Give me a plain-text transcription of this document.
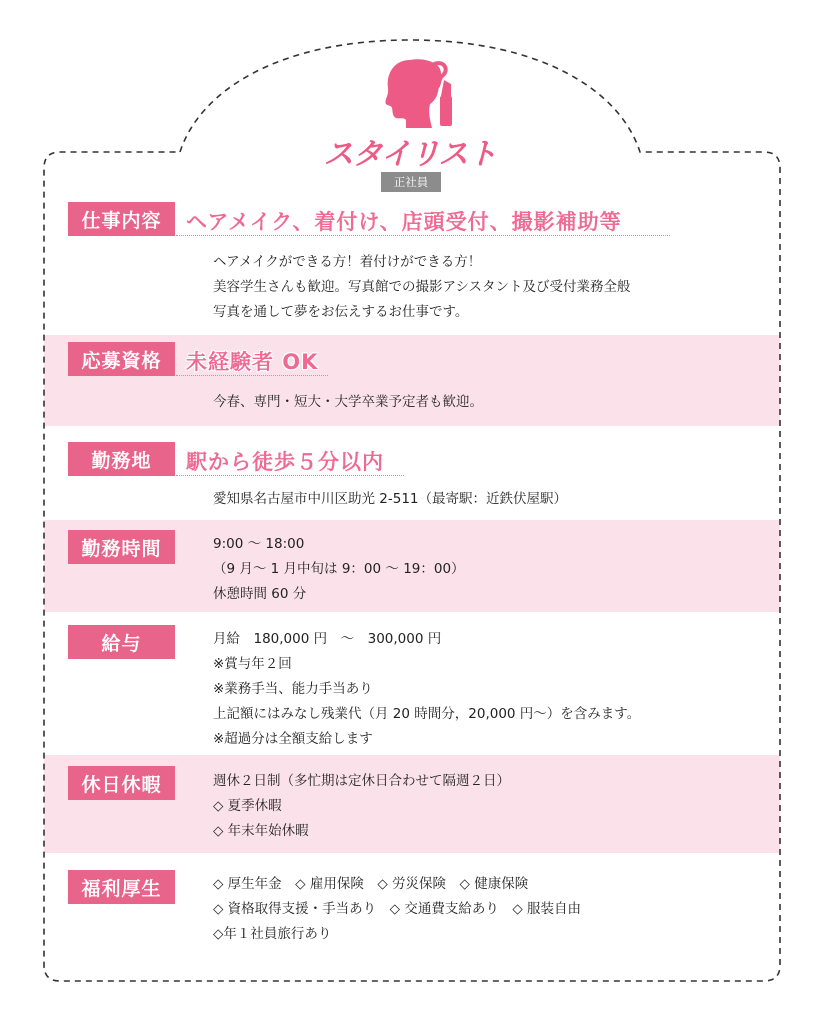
スタイリスト
正社員
仕事内容	ヘアメイク、着付け、店頭受付、撮影補助等
ヘアメイクができる方！着付けができる方！
美容学生さんも歓迎。写真館での撮影アシスタント及び受付業務全般
写真を通して夢をお伝えするお仕事です。
応募資格	未経験者 OK
今春、専門・短大・大学卒業予定者も歓迎。
勤務地	駅から徒歩５分以内
愛知県名古屋市中川区助光 2-511（最寄駅：近鉄伏屋駅）
勤務時間	9:00 ～ 18:00
（9 月～ 1 月中旬は 9：00 ～ 19：00）
休憩時間 60 分
給与	月給　180,000 円　～　300,000 円
※賞与年２回
※業務手当、能力手当あり
上記額にはみなし残業代（月 20 時間分，20,000 円～）を含みます。
※超過分は全額支給します
休日休暇	週休２日制（多忙期は定休日合わせて隔週２日）
◇ 夏季休暇
◇ 年末年始休暇
福利厚生	◇ 厚生年金　◇ 雇用保険　◇ 労災保険　◇ 健康保険
◇ 資格取得支援・手当あり　◇ 交通費支給あり　◇ 服装自由
◇年１社員旅行あり
